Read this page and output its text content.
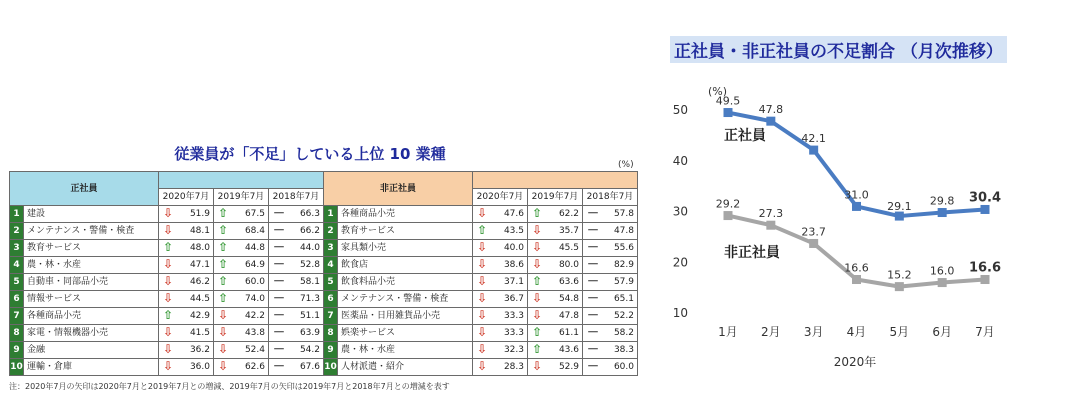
従業員が「不足」している上位 10 業種
(%)
正社員					非正社員				
		2020年7月	2019年7月	2018年7月			2020年7月	2019年7月	2018年7月
1	建設	⇩ 51.9	⇧ 67.5	－ 66.3	1	各種商品小売	⇩ 47.6	⇧ 62.2	－ 57.8
2	メンテナンス・警備・検査	⇩ 48.1	⇧ 68.4	－ 66.2	2	教育サービス	⇧ 43.5	⇩ 35.7	－ 47.8
3	教育サービス	⇧ 48.0	⇧ 44.8	－ 44.0	3	家具類小売	⇩ 40.0	⇩ 45.5	－ 55.6
4	農・林・水産	⇩ 47.1	⇧ 64.9	－ 52.8	4	飲食店	⇩ 38.6	⇩ 80.0	－ 82.9
5	自動車・同部品小売	⇩ 46.2	⇧ 60.0	－ 58.1	5	飲食料品小売	⇩ 37.1	⇧ 63.6	－ 57.9
6	情報サービス	⇩ 44.5	⇧ 74.0	－ 71.3	6	メンテナンス・警備・検査	⇩ 36.7	⇩ 54.8	－ 65.1
7	各種商品小売	⇧ 42.9	⇩ 42.2	－ 51.1	7	医薬品・日用雑貨品小売	⇩ 33.3	⇩ 47.8	－ 52.2
8	家電・情報機器小売	⇩ 41.5	⇩ 43.8	－ 63.9	8	娯楽サービス	⇩ 33.3	⇧ 61.1	－ 58.2
9	金融	⇩ 36.2	⇩ 52.4	－ 54.2	9	農・林・水産	⇩ 32.3	⇧ 43.6	－ 38.3
10	運輸・倉庫	⇩ 36.0	⇩ 62.6	－ 67.6	10	人材派遣・紹介	⇩ 28.3	⇩ 52.9	－ 60.0
注：2020年7月の矢印は2020年7月と2019年7月との増減、2019年7月の矢印は2019年7月と2018年7月との増減を表す
正社員・非正社員の不足割合 （月次推移）
(%)
10
20
30
40
50
1月 2月 3月 4月 5月 6月 7月
49.5
47.8
42.1
31.0
29.1 29.8 30.4
29.2
27.3
23.7
16.6
15.2 16.0 16.6
正社員
非正社員
2020年
